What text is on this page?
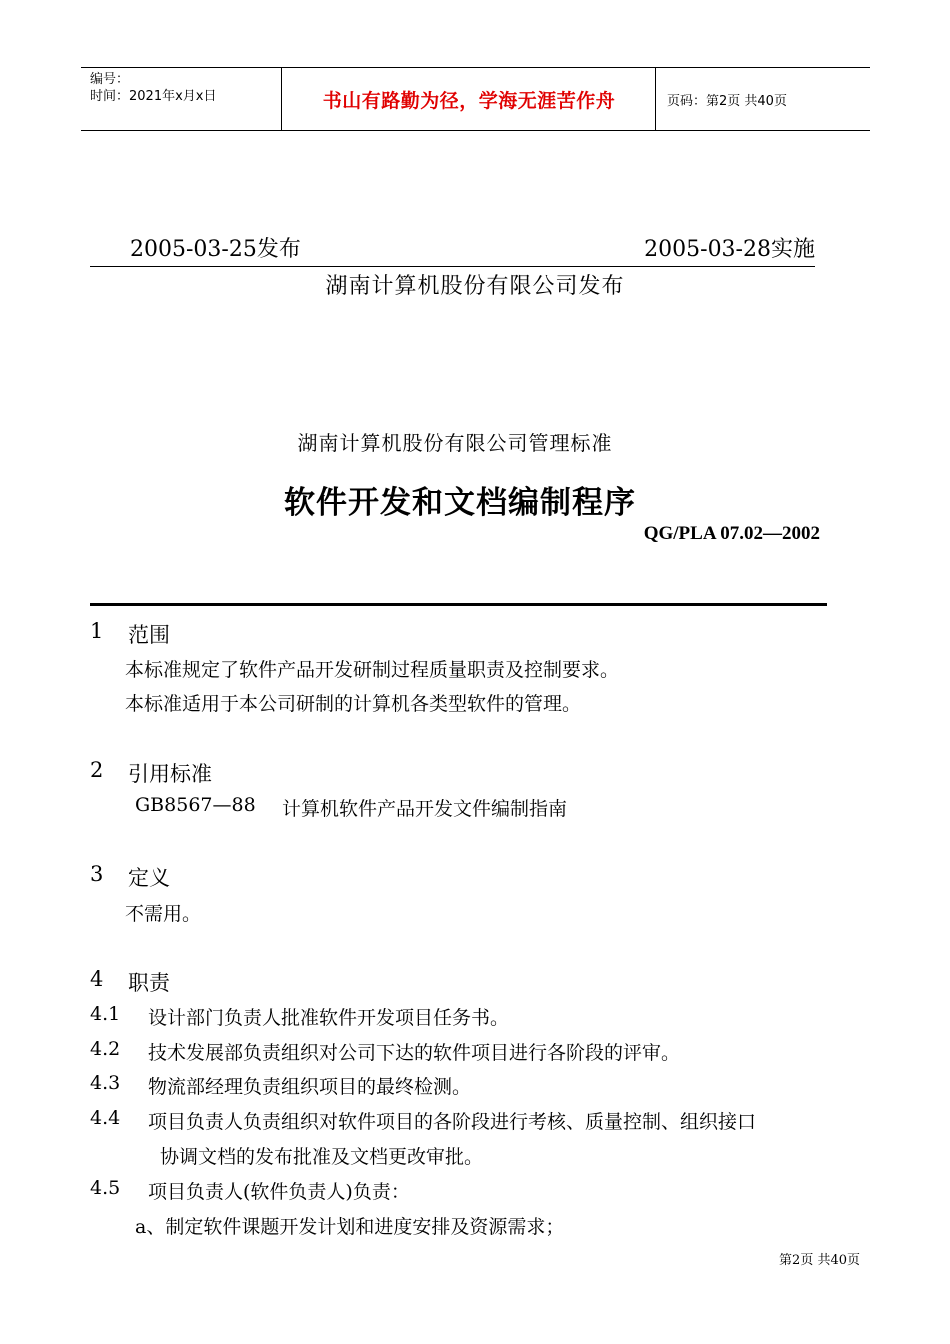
编号：
时间：2021年x月x日	书山有路勤为径，学海无涯苦作舟	页码：第2页 共40页
2005-03-25发布	2005-03-28实施
湖南计算机股份有限公司发布
湖南计算机股份有限公司管理标准
软件开发和文档编制程序
QG/PLA 07.02—2002
1 范围
本标准规定了软件产品开发研制过程质量职责及控制要求。
本标准适用于本公司研制的计算机各类型软件的管理。
2 引用标准
GB8567—88 计算机软件产品开发文件编制指南
3 定义
不需用。
4 职责
4.1 设计部门负责人批准软件开发项目任务书。
4.2 技术发展部负责组织对公司下达的软件项目进行各阶段的评审。
4.3 物流部经理负责组织项目的最终检测。
4.4 项目负责人负责组织对软件项目的各阶段进行考核、质量控制、组织接口
协调文档的发布批准及文档更改审批。
4.5 项目负责人(软件负责人)负责：
a、制定软件课题开发计划和进度安排及资源需求；
第2页 共40页
